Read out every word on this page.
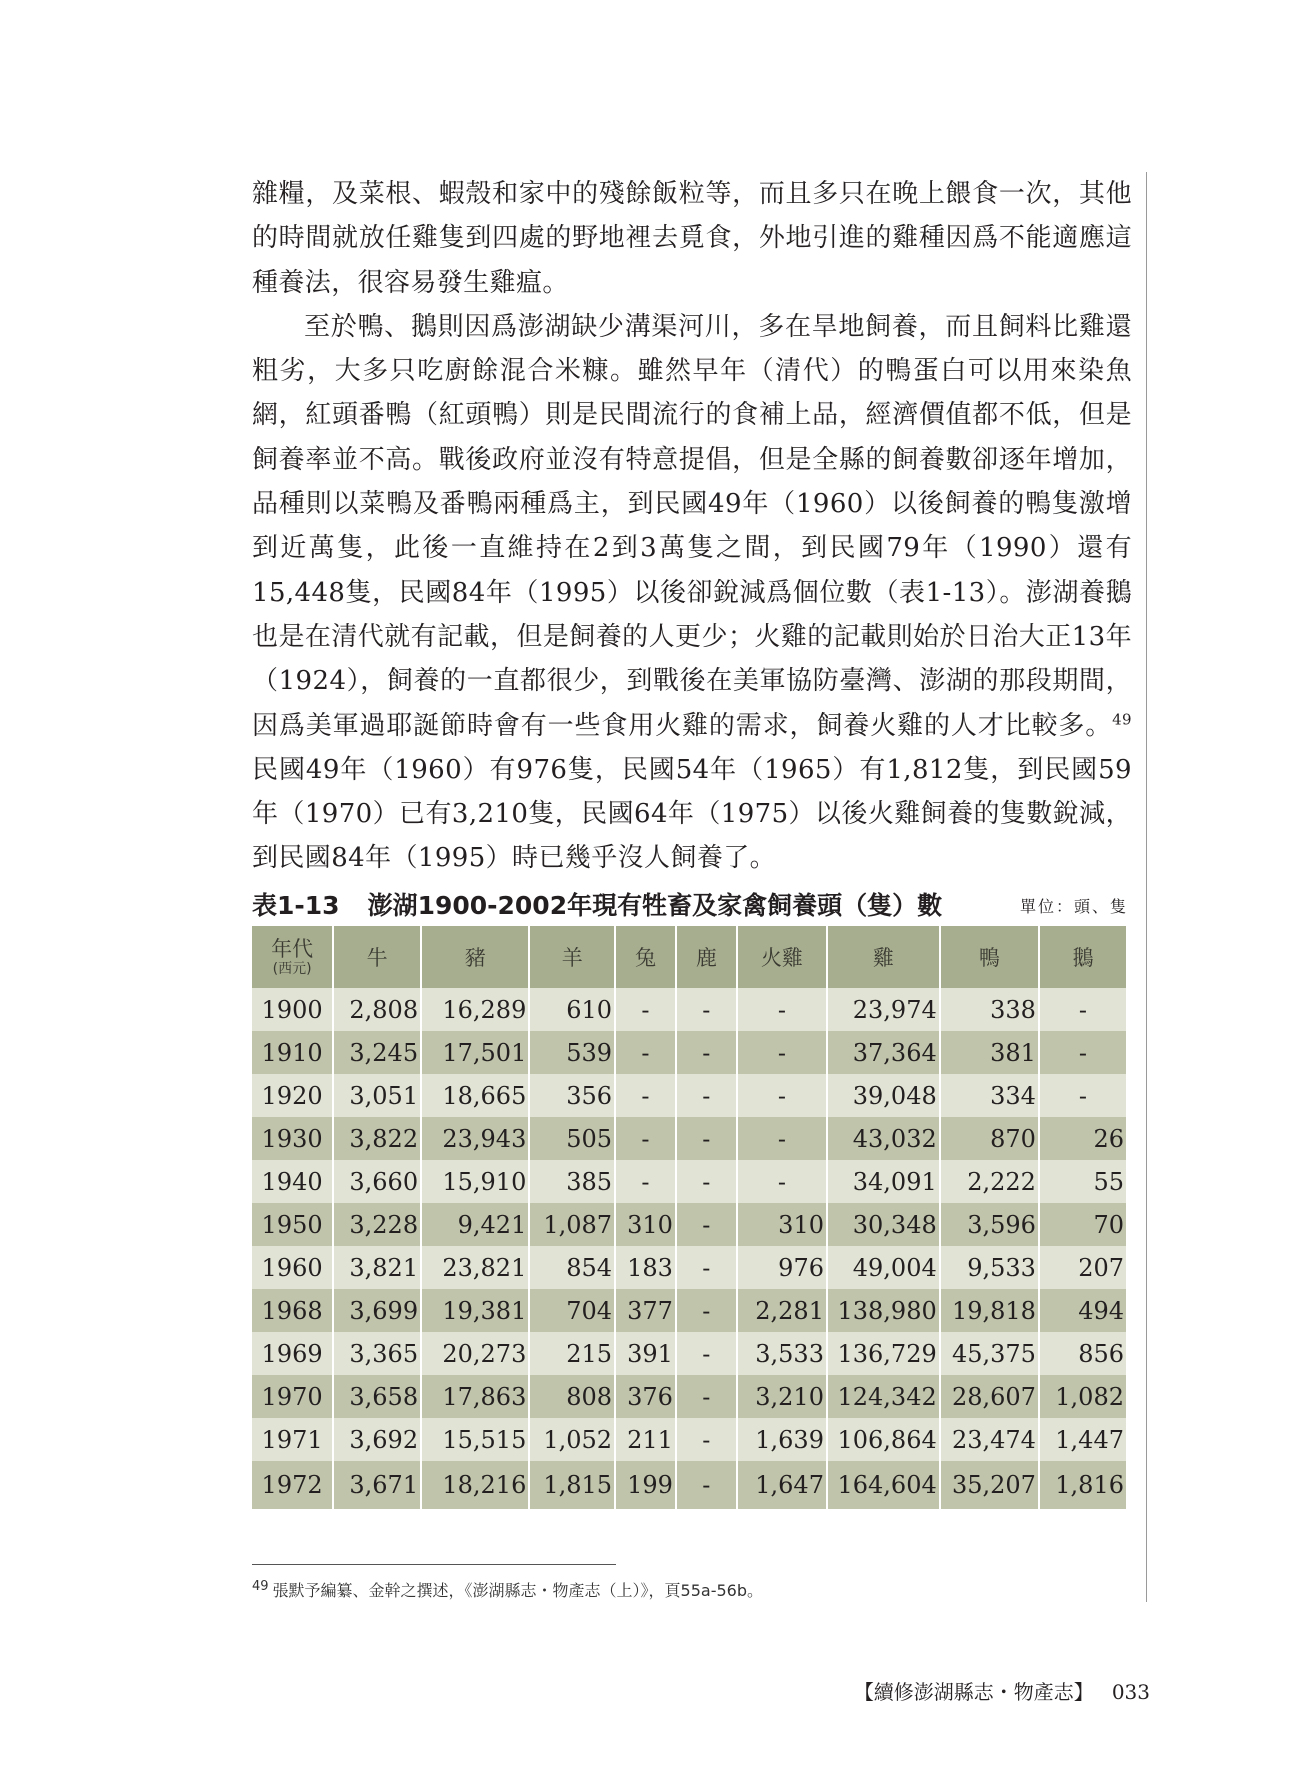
雜糧，及菜根、蝦殼和家中的殘餘飯粒等，而且多只在晚上餵食一次，其他的時間就放任雞隻到四處的野地裡去覓食，外地引進的雞種因爲不能適應這種養法，很容易發生雞瘟。

至於鴨、鵝則因爲澎湖缺少溝渠河川，多在旱地飼養，而且飼料比雞還粗劣，大多只吃廚餘混合米糠。雖然早年（清代）的鴨蛋白可以用來染魚網，紅頭番鴨（紅頭鴨）則是民間流行的食補上品，經濟價值都不低，但是飼養率並不高。戰後政府並沒有特意提倡，但是全縣的飼養數卻逐年增加，品種則以菜鴨及番鴨兩種爲主，到民國49年（1960）以後飼養的鴨隻激增到近萬隻，此後一直維持在2到3萬隻之間，到民國79年（1990）還有15,448隻，民國84年（1995）以後卻銳減爲個位數（表1-13）。澎湖養鵝也是在清代就有記載，但是飼養的人更少；火雞的記載則始於日治大正13年（1924），飼養的一直都很少，到戰後在美軍協防臺灣、澎湖的那段期間，因爲美軍過耶誕節時會有一些食用火雞的需求，飼養火雞的人才比較多。$^{49}$民國49年（1960）有976隻，民國54年（1965）有1,812隻，到民國59年（1970）已有3,210隻，民國64年（1975）以後火雞飼養的隻數銳減，到民國84年（1995）時已幾乎沒人飼養了。

表1-13 澎湖1900-2002年現有牲畜及家禽飼養頭（隻）數	單位：頭、隻
年代
(西元)	牛	豬	羊	兔	鹿	火雞	雞	鴨	鵝
1900	2,808	16,289	610	-	-	-	23,974	338	-
1910	3,245	17,501	539	-	-	-	37,364	381	-
1920	3,051	18,665	356	-	-	-	39,048	334	-
1930	3,822	23,943	505	-	-	-	43,032	870	26
1940	3,660	15,910	385	-	-	-	34,091	2,222	55
1950	3,228	9,421	1,087	310	-	310	30,348	3,596	70
1960	3,821	23,821	854	183	-	976	49,004	9,533	207
1968	3,699	19,381	704	377	-	2,281	138,980	19,818	494
1969	3,365	20,273	215	391	-	3,533	136,729	45,375	856
1970	3,658	17,863	808	376	-	3,210	124,342	28,607	1,082
1971	3,692	15,515	1,052	211	-	1,639	106,864	23,474	1,447
1972	3,671	18,216	1,815	199	-	1,647	164,604	35,207	1,816
$^{49}$ 張默予編纂、金幹之撰述，《澎湖縣志・物產志（上）》，頁55a-56b。
【續修澎湖縣志・物產志】 033
